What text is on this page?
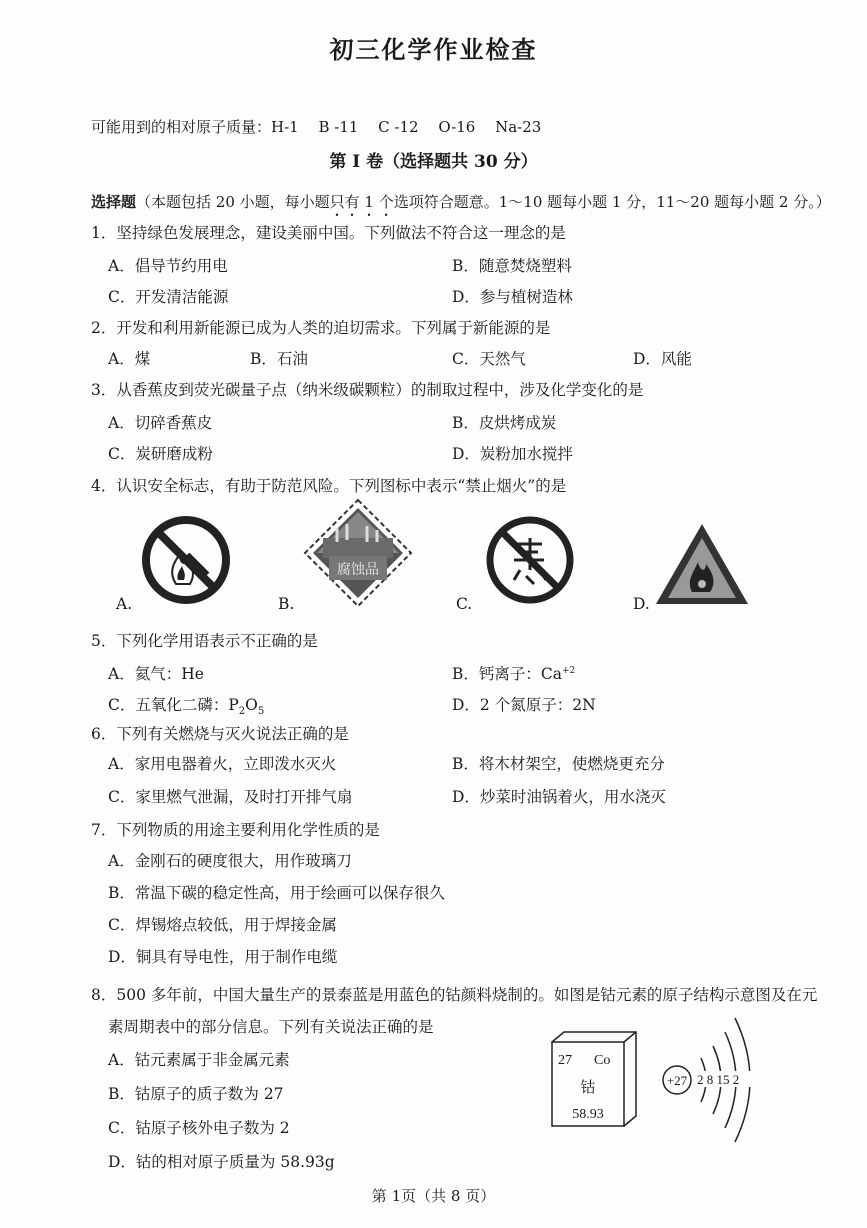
初三化学作业检查
可能用到的相对原子质量：H-1　 B -11　 C -12　 O-16　 Na-23
第 I 卷（选择题共 30 分）
选择题（本题包括 20 小题，每小题只有 1 个选项符合题意。1～10 题每小题 1 分，11～20 题每小题 2 分。）
1．坚持绿色发展理念，建设美丽中国。下列做法不符合这一理念的是
A．倡导节约用电	B．随意焚烧塑料
C．开发清洁能源	D．参与植树造林
2．开发和利用新能源已成为人类的迫切需求。下列属于新能源的是
A．煤	B．石油	C．天然气	D．风能
3．从香蕉皮到荧光碳量子点（纳米级碳颗粒）的制取过程中，涉及化学变化的是
A．切碎香蕉皮	B．皮烘烤成炭
C．炭研磨成粉	D．炭粉加水搅拌
4．认识安全标志，有助于防范风险。下列图标中表示“禁止烟火”的是
A.	B.
腐蚀品
C.	D.
5．下列化学用语表示不正确的是
A．氦气：He	B．钙离子：$Ca^{+2}$
C．五氧化二磷：$P_2O_5$	D．2 个氮原子：2N
6．下列有关燃烧与灭火说法正确的是
A．家用电器着火，立即泼水灭火	B．将木材架空，使燃烧更充分
C．家里燃气泄漏，及时打开排气扇	D．炒菜时油锅着火，用水浇灭
7．下列物质的用途主要利用化学性质的是
A．金刚石的硬度很大，用作玻璃刀
B．常温下碳的稳定性高，用于绘画可以保存很久
C．焊锡熔点较低，用于焊接金属
D．铜具有导电性，用于制作电缆
8．500 多年前，中国大量生产的景泰蓝是用蓝色的钴颜料烧制的。如图是钴元素的原子结构示意图及在元
素周期表中的部分信息。下列有关说法正确的是
A．钴元素属于非金属元素
B．钴原子的质子数为 27
C．钴原子核外电子数为 2
D．钴的相对原子质量为 58.93g
27 Co
钴
58.93
+27 2 8 15 2
第 1页（共 8 页）
